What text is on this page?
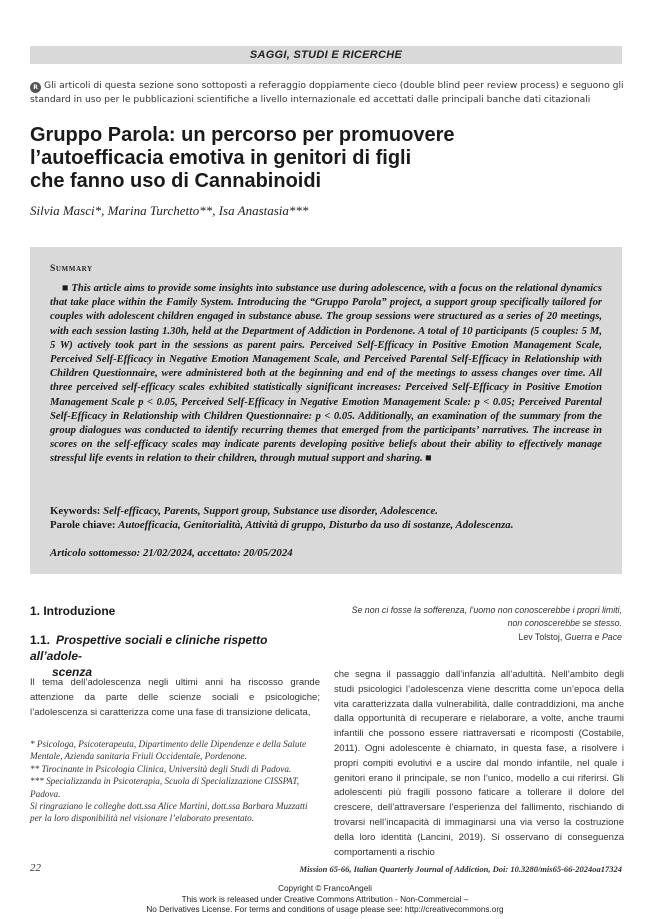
SAGGI, STUDI E RICERCHE

R Gli articoli di questa sezione sono sottoposti a referaggio doppiamente cieco (double blind peer review process) e seguono gli standard in uso per le pubblicazioni scientifiche a livello internazionale ed accettati dalle principali banche dati citazionali

Gruppo Parola: un percorso per promuovere
l’autoefficacia emotiva in genitori di figli
che fanno uso di Cannabinoidi
Silvia Masci*, Marina Turchetto**, Isa Anastasia***
Summary

■ This article aims to provide some insights into substance use during adolescence, with a focus on the relational dynamics that take place within the Family System. Introducing the “Gruppo Parola” project, a support group specifically tailored for couples with adolescent children engaged in substance abuse. The group sessions were structured as a series of 20 meetings, with each session lasting 1.30h, held at the Department of Addiction in Pordenone. A total of 10 participants (5 couples: 5 M, 5 W) actively took part in the sessions as parent pairs. Perceived Self-Efficacy in Positive Emotion Management Scale, Perceived Self-Efficacy in Negative Emotion Management Scale, and Perceived Parental Self-Efficacy in Relationship with Children Questionnaire, were administered both at the beginning and end of the meetings to assess changes over time. All three perceived self-efficacy scales exhibited statistically significant increases: Perceived Self-Efficacy in Positive Emotion Management Scale p < 0.05, Perceived Self-Efficacy in Negative Emotion Management Scale: p < 0.05; Perceived Parental Self-Efficacy in Relationship with Children Questionnaire: p < 0.05. Additionally, an examination of the summary from the group dialogues was conducted to identify recurring themes that emerged from the participants’ narratives. The increase in scores on the self-efficacy scales may indicate parents developing positive beliefs about their ability to effectively manage stressful life events in relation to their children, through mutual support and sharing. ■

Keywords: Self-efficacy, Parents, Support group, Substance use disorder, Adolescence.

Parole chiave: Autoefficacia, Genitorialità, Attività di gruppo, Disturbo da uso di sostanze, Adolescenza.

Articolo sottomesso: 21/02/2024, accettato: 20/05/2024
1. Introduzione
1.1. Prospettive sociali e cliniche rispetto all’adole-
scenza
Se non ci fosse la sofferenza, l’uomo non conoscerebbe i propri limiti,
non conoscerebbe se stesso.
Lev Tolstoj, Guerra e Pace

Il tema dell’adolescenza negli ultimi anni ha riscosso grande attenzione da parte delle scienze sociali e psicologiche; l’adolescenza si caratterizza come una fase di transizione delicata,

* Psicologa, Psicoterapeuta, Dipartimento delle Dipendenze e della Salute Mentale, Azienda sanitaria Friuli Occidentale, Pordenone.

** Tirocinante in Psicologia Clinica, Università degli Studi di Padova.

*** Specializzanda in Psicoterapia, Scuola di Specializzazione CISSPAT, Padova.

Si ringraziano le colleghe dott.ssa Alice Martini, dott.ssa Barbara Muzzatti per la loro disponibilità nel visionare l’elaborato presentato.

che segna il passaggio dall’infanzia all’adultità. Nell’ambito degli studi psicologici l’adolescenza viene descritta come un’epoca della vita caratterizzata dalla vulnerabilità, dalle contraddizioni, ma anche dalla opportunità di recuperare e rielaborare, a volte, anche traumi infantili che possono essere riattraversati e ricomposti (Costabile, 2011). Ogni adolescente è chiamato, in questa fase, a risolvere i propri compiti evolutivi e a uscire dal mondo infantile, nel quale i genitori erano il principale, se non l’unico, modello a cui riferirsi. Gli adolescenti più fragili possono faticare a tollerare il dolore del crescere, dell’attraversare l’esperienza del fallimento, rischiando di trovarsi nell’incapacità di immaginarsi una via verso la costruzione della loro identità (Lancini, 2019). Si osservano di conseguenza comportamenti a rischio

22	Mission 65-66, Italian Quarterly Journal of Addiction, Doi: 10.3280/mis65-66-2024oa17324
Copyright © FrancoAngeli
This work is released under Creative Commons Attribution - Non-Commercial –
No Derivatives License. For terms and conditions of usage please see: http://creativecommons.org
